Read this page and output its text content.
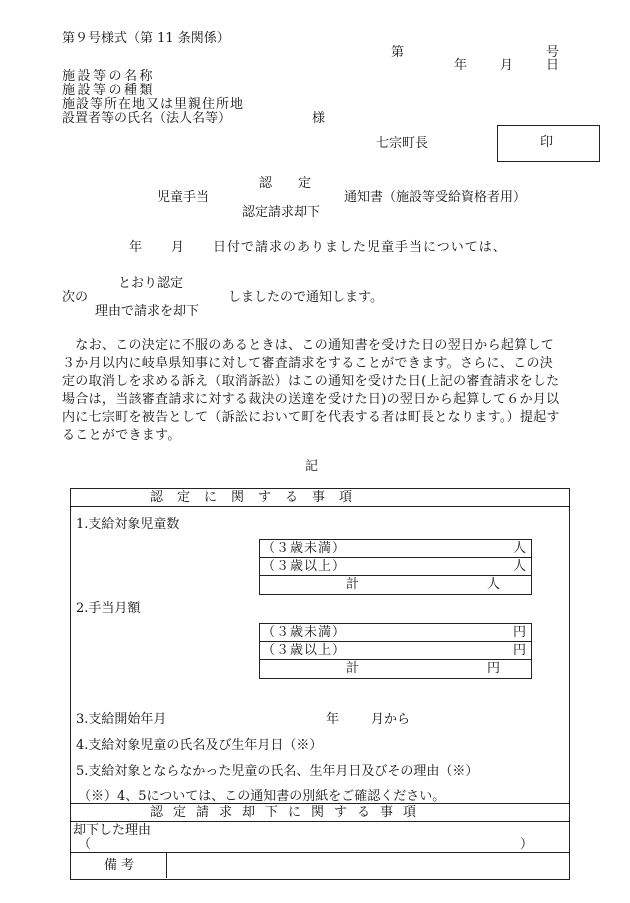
第９号様式（第 11 条関係）
第	号
年	月	日
施設等の名称
施設等の種類
施設等所在地又は里親住所地
設置者等の氏名（法人名等）	様
七宗町長	印
認　　定
児童手当	通知書（施設等受給資格者用）
認定請求却下
年　　月　　日付で請求のありました児童手当については、
とおり認定
次の	しましたので通知します。
理由で請求を却下
　なお、この決定に不服のあるときは、この通知書を受けた日の翌日から起算して３か月以内に岐阜県知事に対して審査請求をすることができます。さらに、この決定の取消しを求める訴え（取消訴訟）はこの通知を受けた日(上記の審査請求をした場合は，当該審査請求に対する裁決の送達を受けた日)の翌日から起算して６か月以内に七宗町を被告として（訴訟において町を代表する者は町長となります。）提起することができます。
記
認定に関する事項
1.支給対象児童数
（３歳未満）	人
（３歳以上）	人
計	人
2.手当月額
（３歳未満）	円
（３歳以上）	円
計	円
3.支給開始年月	年 月から
4.支給対象児童の氏名及び生年月日（※）
5.支給対象とならなかった児童の氏名、生年月日及びその理由（※）
（※）4、5については、この通知書の別紙をご確認ください。
認定請求却下に関する事項
却下した理由
（	）
備考
